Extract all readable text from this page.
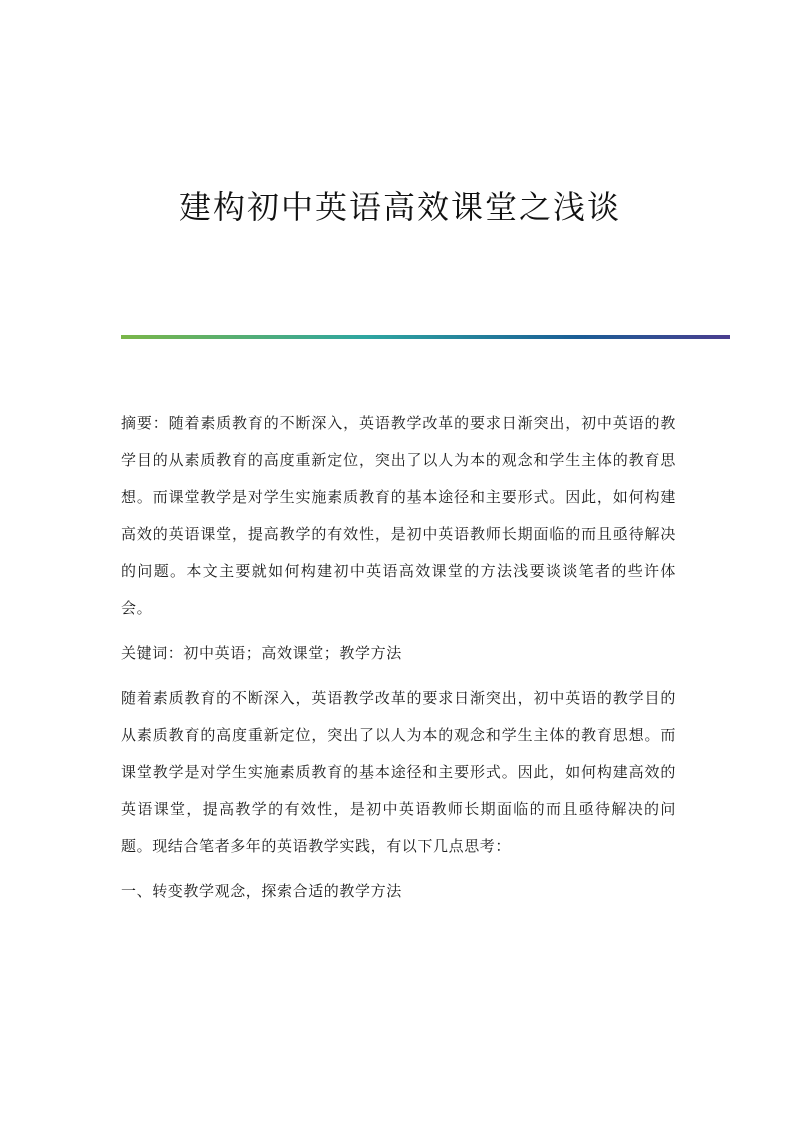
建构初中英语高效课堂之浅谈

摘要：随着素质教育的不断深入，英语教学改革的要求日渐突出，初中英语的教学目的从素质教育的高度重新定位，突出了以人为本的观念和学生主体的教育思想。而课堂教学是对学生实施素质教育的基本途径和主要形式。因此，如何构建高效的英语课堂，提高教学的有效性，是初中英语教师长期面临的而且亟待解决的问题。本文主要就如何构建初中英语高效课堂的方法浅要谈谈笔者的些许体会。

关键词：初中英语；高效课堂；教学方法

随着素质教育的不断深入，英语教学改革的要求日渐突出，初中英语的教学目的从素质教育的高度重新定位，突出了以人为本的观念和学生主体的教育思想。而课堂教学是对学生实施素质教育的基本途径和主要形式。因此，如何构建高效的英语课堂，提高教学的有效性，是初中英语教师长期面临的而且亟待解决的问题。现结合笔者多年的英语教学实践，有以下几点思考：

一、转变教学观念，探索合适的教学方法
